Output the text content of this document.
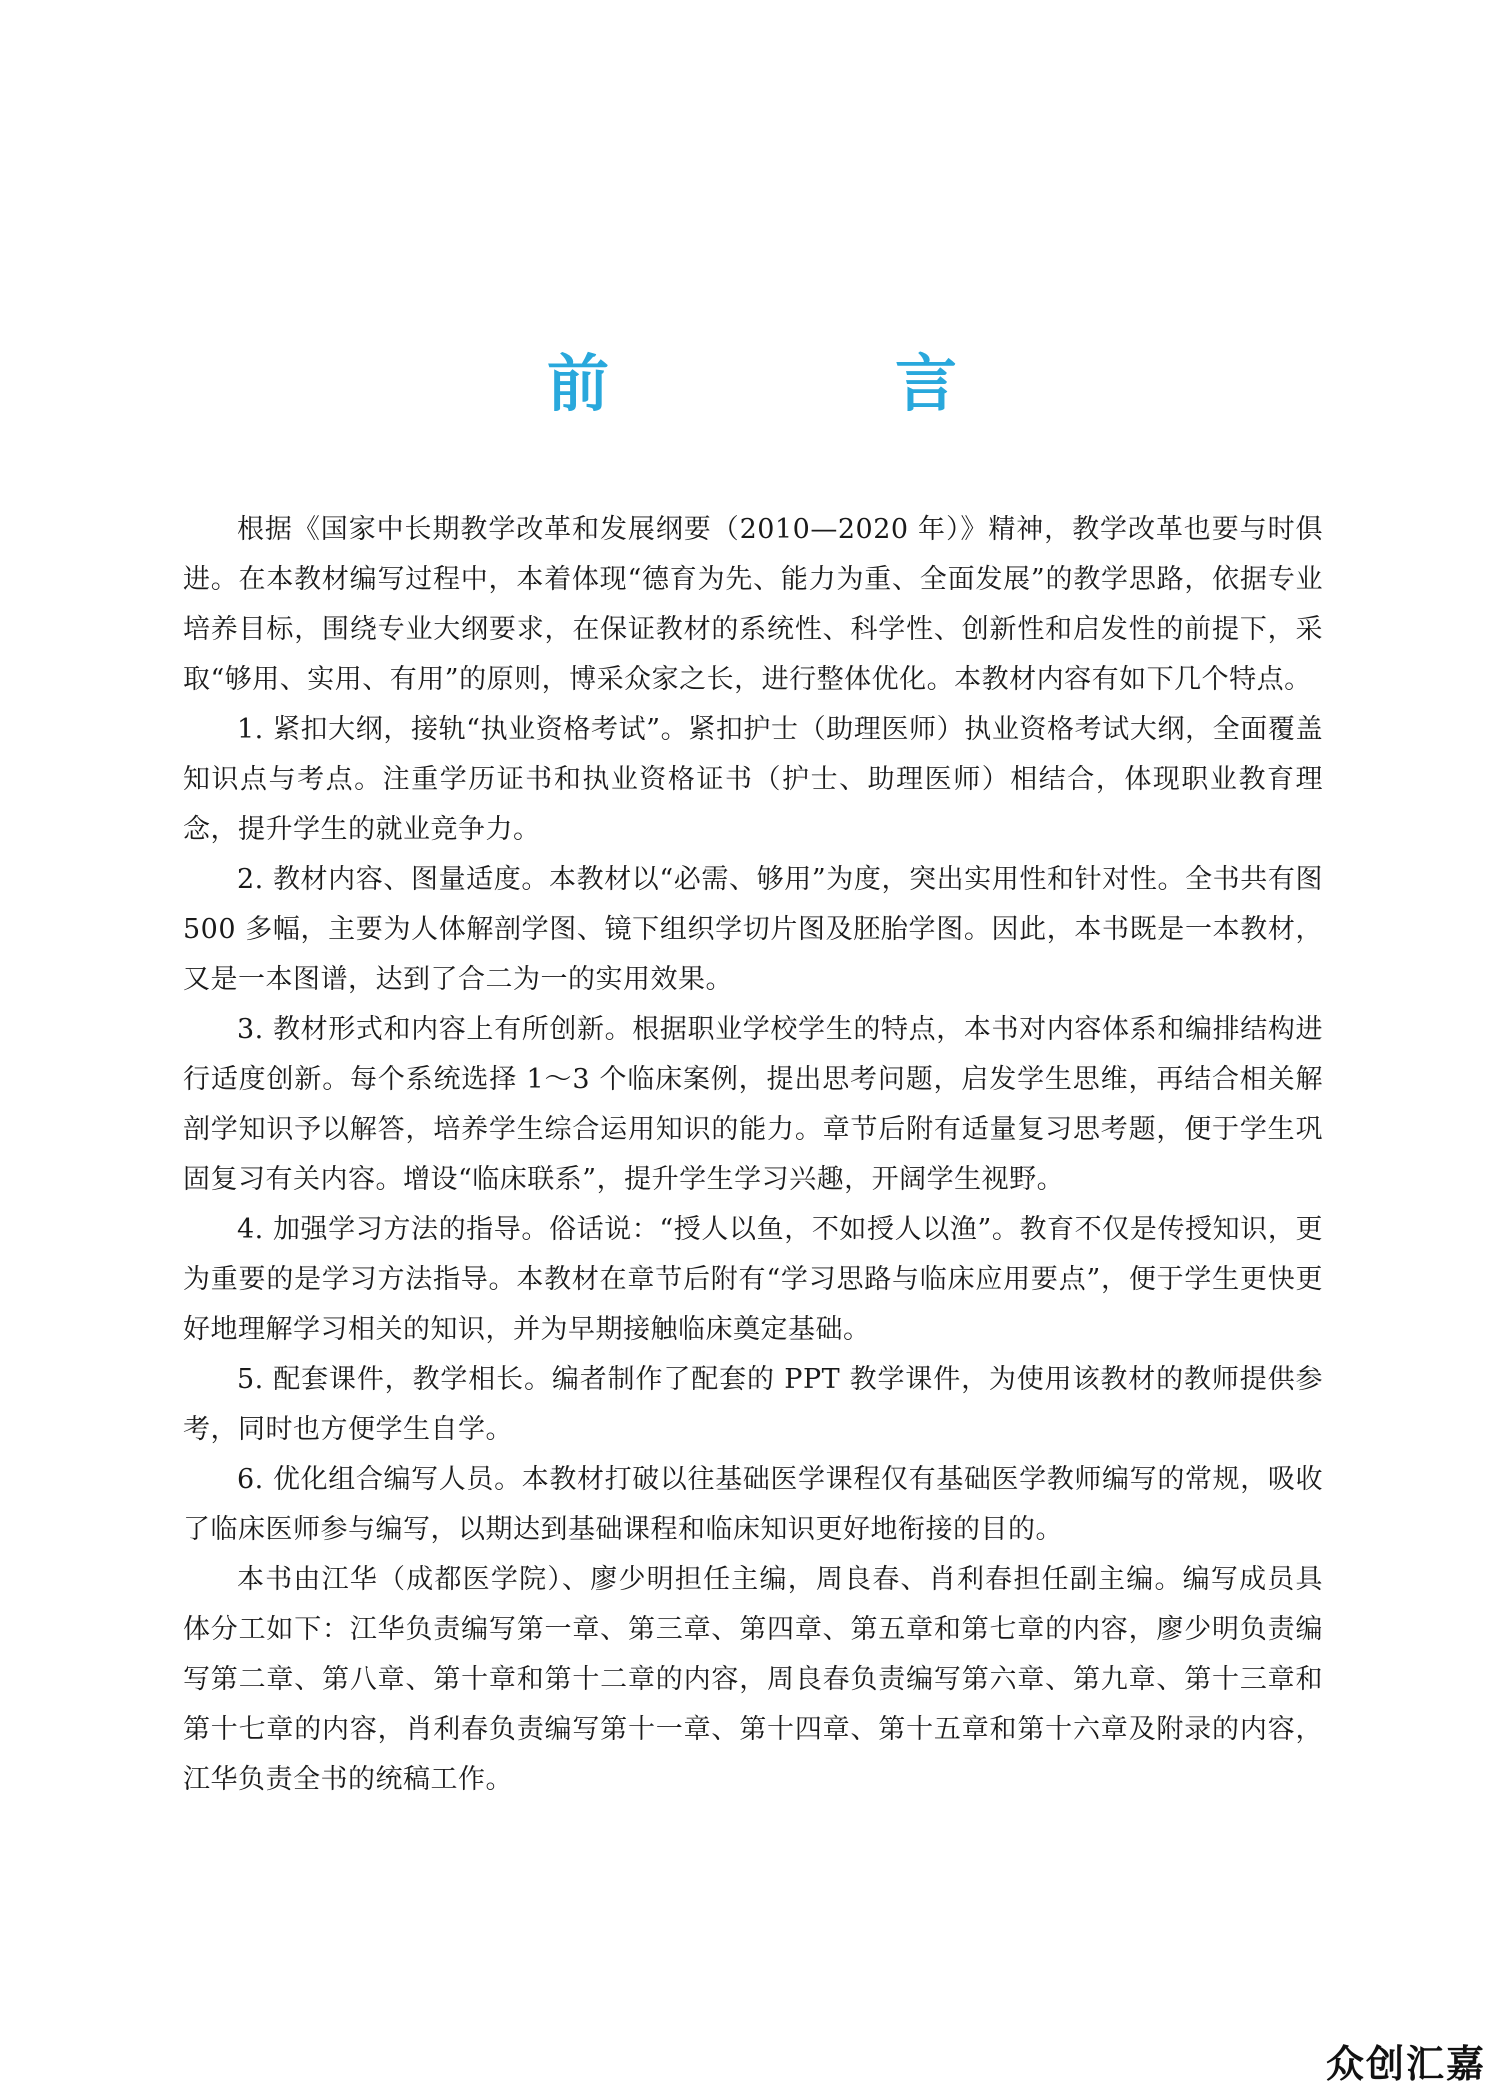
前　言

根据《国家中长期教学改革和发展纲要（2010—2020 年）》精神，教学改革也要与时俱进。在本教材编写过程中，本着体现“德育为先、能力为重、全面发展”的教学思路，依据专业培养目标，围绕专业大纲要求，在保证教材的系统性、科学性、创新性和启发性的前提下，采取“够用、实用、有用”的原则，博采众家之长，进行整体优化。本教材内容有如下几个特点。

1. 紧扣大纲，接轨“执业资格考试”。紧扣护士（助理医师）执业资格考试大纲，全面覆盖知识点与考点。注重学历证书和执业资格证书（护士、助理医师）相结合，体现职业教育理念，提升学生的就业竞争力。

2. 教材内容、图量适度。本教材以“必需、够用”为度，突出实用性和针对性。全书共有图 500 多幅，主要为人体解剖学图、镜下组织学切片图及胚胎学图。因此，本书既是一本教材，又是一本图谱，达到了合二为一的实用效果。

3. 教材形式和内容上有所创新。根据职业学校学生的特点，本书对内容体系和编排结构进行适度创新。每个系统选择 1～3 个临床案例，提出思考问题，启发学生思维，再结合相关解剖学知识予以解答，培养学生综合运用知识的能力。章节后附有适量复习思考题，便于学生巩固复习有关内容。增设“临床联系”，提升学生学习兴趣，开阔学生视野。

4. 加强学习方法的指导。俗话说：“授人以鱼，不如授人以渔”。教育不仅是传授知识，更为重要的是学习方法指导。本教材在章节后附有“学习思路与临床应用要点”，便于学生更快更好地理解学习相关的知识，并为早期接触临床奠定基础。

5. 配套课件，教学相长。编者制作了配套的 PPT 教学课件，为使用该教材的教师提供参考，同时也方便学生自学。

6. 优化组合编写人员。本教材打破以往基础医学课程仅有基础医学教师编写的常规，吸收了临床医师参与编写，以期达到基础课程和临床知识更好地衔接的目的。

本书由江华（成都医学院）、廖少明担任主编，周良春、肖利春担任副主编。编写成员具体分工如下：江华负责编写第一章、第三章、第四章、第五章和第七章的内容，廖少明负责编写第二章、第八章、第十章和第十二章的内容，周良春负责编写第六章、第九章、第十三章和第十七章的内容，肖利春负责编写第十一章、第十四章、第十五章和第十六章及附录的内容，江华负责全书的统稿工作。

众创汇嘉
